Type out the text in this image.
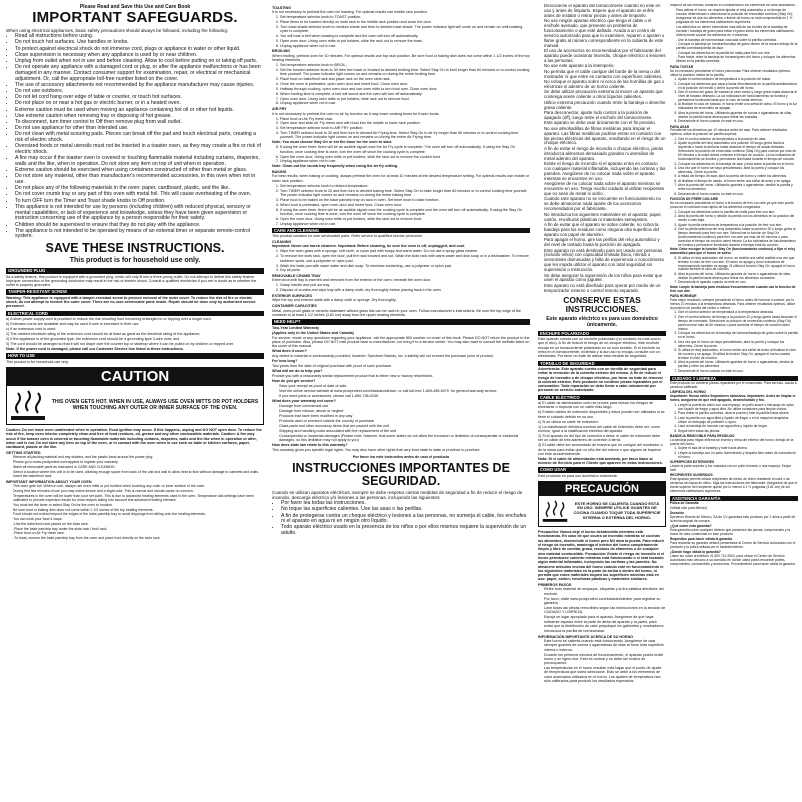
Please Read and Save this Use and Care Book
IMPORTANT SAFEGUARDS.

When using electrical appliances, basic safety precautions should always be followed, including the following:

• Read all instructions before using.
• Do not touch hot surfaces. Use handles or knobs.
• To protect against electrical shock do not immerse cord, plugs or appliance in water or other liquid.
• Close supervision is necessary when any appliance is used by or near children.
• Unplug from outlet when not in use and before cleaning. Allow to cool before putting on or taking off parts.
• Do not operate any appliance with a damaged cord or plug, or after the appliance malfunctions or has been damaged in any manner. Contact consumer support for examination, repair, or electrical or mechanical adjustment. Or, call the appropriate toll-free number listed on the cover.
• The use of accessory attachments not recommended by the appliance manufacturer may cause injuries.
• Do not use outdoors.
• Do not let cord hang over edge of table or counter, or touch hot surfaces.
• Do not place on or near a hot gas or electric burner, or in a heated oven.
• Extreme caution must be used when moving an appliance containing hot oil or other hot liquids.
• Use extreme caution when removing tray or disposing of hot grease.
• To disconnect, turn timer control to Off then remove plug from wall outlet.
• Do not use appliance for other than intended use.
• Do not clean with metal scouring pads. Pieces can break off the pad and touch electrical parts, creating a risk of electric shock.
• Oversized foods or metal utensils must not be inserted in a toaster oven, as they may create a fire or risk of electric shock.
• A fire may occur if the toaster oven is covered or touching flammable material including curtains, draperies, walls and the like, when in operation. Do not store any item on top of unit when in operation.
• Extreme caution should be exercised when using containers constructed of other than metal or glass.
• Do not store any material, other than manufacturer's recommended accessories, in this oven when not in use.
• Do not place any of the following materials in the oven: paper, cardboard, plastic, and the like.
• Do not cover crumb tray or any part of this oven with metal foil. This will cause overheating of the oven.
• To turn OFF turn the Timer and Toast shade knobs to Off position.
• This appliance is not intended for use by persons (including children) with reduced physical, sensory or mental capabilities, or lack of experience and knowledge, unless they have been given supervision or instruction concerning use of the appliance by a person responsible for their safety.
• Children should be supervised to ensure that they do not play with the appliance.
• The appliance is not intended to be operated by means of an external timer or separate remote-control system.
SAVE THESE INSTRUCTIONS.
This product is for household use only.
GROUNDED PLUG

As a safety feature, this product is equipped with a grounded plug, which will only fit into a three-prong outlet. Do not attempt to defeat this safety feature. Improper connection of the grounding conductor may result in the risk of electric shock. Consult a qualified electrician if you are in doubt as to whether the outlet is properly grounded.

TAMPER-RESISTANT SCREW

Warning: This appliance is equipped with a tamper-resistant screw to prevent removal of the outer cover. To reduce the risk of fire or electric shock, do not attempt to remove the outer cover. There are no user-serviceable parts inside. Repair should be done only by authorized service personnel.

ELECTRICAL CORD

a) A short power-supply cord is provided to reduce the risk resulting from becoming entangled in or tripping over a longer cord.

b) Extension cords are available and may be used if care is exercised in their use.

c) If an extension cord is used:

1) The marked electrical rating of the extension cord should be at least as great as the electrical rating of the appliance;

2) If the appliance is of the grounded type, the extension cord should be a grounding-type 3-wire cord; and

3) The cord should be arranged so that it will not drape over the counter top or tabletop where it can be pulled on by children or tripped over.

Note: If the power cord is damaged, please call our Customer Service line listed in these instructions.

HOW TO USE

This product is for household use only.

CAUTION
THIS OVEN GETS HOT. WHEN IN USE, ALWAYS USE OVEN MITTS OR POT HOLDERS WHEN TOUCHING ANY OUTER OR INNER SURFACE OF THE OVEN.

Caution: Do not leave oven unattended when in operation. Food ignition may occur. If this happens, unplug and DO NOT open door. To reduce the risk of fire, keep oven interior completely clean and free of food residues, oil, grease and any other combustible materials. Caution: A fire may occur if the toaster oven is covered or touching flammable materials including curtains, draperies, walls and the like when in operation or after, when unit is hot. Do not store any item on top of the oven, or in contact with the oven when in use such as table or kitchen surfaces, paper, cardboard, plastic or the like.

GETTING STARTED
• Remove all packing material and any stickers, and the plastic band around the power plug.
• Please go to www.prodprotect.com/applica to register your warranty.
• Wash all removable parts as instructed in CARE AND CLEANING.
• Select a location where this unit is to be used, allowing enough space from back of the unit and wall to allow heat to flow without damage to cabinets and walls.
• Insert the bake/broil rack.
IMPORTANT INFORMATION ABOUT YOUR OVEN
• This oven gets hot. When in use, always use oven mitts or pot holders when touching any outer or inner surface of the oven.
• During first few minutes of use you may notice smoke and a slight odor. This is normal and should cause no concern.
• Temperatures in the oven will be lower than your set point. This is due to advanced heating elements used in the oven. Temperature dial settings have been calibrated to provide expected results for most recipes taking into account this advanced heating element.
• You must set the timer or select Stay On for the oven to function.
• Be sure food or baking dish does not come within 1 1/2 inches of the top heating elements.
• Food should not extend beyond the edges of the bake pan/drip tray to avoid drippings from falling onto the heating elements.
• You can cook your food 4 ways:
• -Use the bake/broil rack placed on the slots rack.
• -Place the bake pan/drip tray under the slots rack / broil rack.
• -Place food on Air Fry mesh rack.
• -To toast, remove the bake pan/drip tray from the oven and place food directly on the slots rack.
TOASTING

It is not necessary to preheat the oven for toasting. For optimal results use middle rack position.

1. Set temperature selector knob to TOAST position.
2. Place items to be toasted directly on slots rack in the middle rack position and close the door.
3. Turn toast shade selector knob to medium shade and then to desired toast shade. The power indicator light will come on and remain on until toasting cycle is complete.
4. You will hear a bell when toasting is complete and the oven will turn off automatically.
5. Open oven door. Using oven mitts or pot holders, slide the rack out to remove the toast.
6. Unplug appliance when not in use.
BROILING

When broiling, preheat oven for 10 minutes. For optimal results use top rack position. Be sure food or baking dish does not come within 1 1/2 inches of the top heating elements.

1. Set temperature selector knob to BROIL.
2. Set the function selector knob to 30 then turn back or forward to desired broiling time. Select Stay On to broil longer than 60 minutes or to control cooking time yourself. The power indicator light comes on and remains on during the entire broiling time.
3. Place food on bake/broil rack and place rack on the oven slots rack.
4. Once the oven is preheated, open oven door and insert food. Close oven door.
5. Halfway through cooking, open oven door and use oven mitts to turn food over. Close oven door.
6. When broiling time is complete, a bell will sound and the oven will turn off automatically.
7. Open oven door. Using oven mitts or pot holders, slide rack out to remove food.
8. Unplug appliance when not in use.
AIR FRY

It is not necessary to preheat the oven to air fry function as it may lower cooking times for frozen foods.

1. Place food on Air Fry mesh rack.
2. Open door and slide Air Fry mesh rack with food into the middle or lower rack position.
3. Set temperature selector knob to AIR FRY position.
4. Turn TIMER selector knob to 30 and then turn to desired Air Frying time. Select Stay On to air fry longer than 60 minutes or to control cooking time yourself. The power indicator light comes on and remains on during the entire Air Frying time.

Note: You must choose Stay On or set the timer for the oven to start.

5. If using the oven timer, there will be an audible signal once the Air Fry cycle is complete. The oven will turn off automatically. If using the Stay On function, once cooking time is done, turn the oven off since the cooking cycle is complete.
6. Open the oven door. Using oven mitts or pot holders, slide the rack out to remove the cooked food.
7. Unplug appliance when not in use.

Note: Clean out the crumb tray frequently when using the air fry setting.

BAKING

For best results, when baking or cooking, always preheat the oven for at least 10 minutes at the desired temperature setting. For optimal results use middle or lower rack position.

1. Set temperature selector knob to desired temperature.
2. Turn TIMER selector knob to 20 and then turn to desired baking time. Select Stay On to bake longer than 60 minutes or to control cooking time yourself. The power indicator light comes on and remains on during the entire baking time.
3. Place food to be baked on the bake pan/drip tray on rack in oven. Set timer knob to bake function.
4. When food is preheated, open oven door and insert food. Close oven door.
5. If using the oven timer, there will be an audible signal once the cooking cycle is complete and the oven will turn off automatically. If using the Stay On function, once cooking time is done, turn the oven off since the cooking cycle is complete.
6. Open the oven door. Using oven mitts or pot holders, slide the rack out to remove food.
7. Unplug appliance when not in use.
CARE AND CLEANING

This product contains no user serviceable parts. Refer service to qualified service personnel.

CLEANING

Important: Never use harsh cleaners. Important: Before cleaning, be sure the oven is off, unplugged, and cool.

1. Wipe the oven glass with a sponge, soft cloth, or nylon pad with soapy and warm water. Do not use a spray glass cleaner.
2. To remove the slots rack, open the door, pull the rack forward and out. Wash the slots rack with warm water and dish soap or in a dishwasher. To remove stubborn spots, use a polyester or nylon pad.
3. Wash the bake pan with warm water and dish soap. To minimize scratching, use a polyester or nylon pad.
4. Dry all parts.
REMOVABLE CRUMB TRAY

External crumb tray is inserted and removed from the exterior of the oven, beneath the oven door.

1. Grasp handle and pull out tray.
2. Dispose of crumbs and wipe tray with a damp cloth; dry thoroughly before placing back in the oven.
EXTERIOR SURFACES

Wipe the top and exterior walls with a damp cloth or sponge. Dry thoroughly.

CONTAINER CAPACITIES

Metal, oven-proof glass or ceramic bakeware without glass lids can be used in your oven. Follow manufacturer's instructions. Be sure the top edge of the container is at least 1 1/2 inches (3.81 cm) away from the upper heating elements.

NEED HELP?

Two-Year Limited Warranty

(Applies only in the United States and Canada)

For service, repair or any questions regarding your appliance, call the appropriate 800 number on cover of this book. Please DO NOT return the product to the place of purchase. Also, please DO NOT mail product back to manufacturer, nor bring it to a service center. You may also want to consult the website listed on the cover of this manual.

What does it cover?

Any defect in material or workmanship provided; however, Spectrum Brands, Inc.'s liability will not exceed the purchase price of product.

For how long?

Two years from the date of original purchase with proof of such purchase.

What will we do to help you?

Provide you with a reasonably similar replacement product that is either new or factory refurbished.

How do you get service?

• Save your receipt as proof of date of sale.
• Visit the online service website at www.prodprotect.com/blackanddecker, or call toll-free 1-800-465-6070, for general warranty service.
• If you need parts or accessories, please call 1-800-738-0245.

What does your warranty not cover?

• Damage from commercial use
• Damage from misuse, abuse or neglect
• Products that have been modified in any way
• Products used or serviced outside the country of purchase
• Glass parts and other accessory items that are packed with the unit
• Shipping and handling costs associated with the replacement of the unit
• Consequential or incidental damages (Please note, however, that some states do not allow the exclusion or limitation of consequential or incidental damages, so this limitation may not apply to you)

How does state law relate to this warranty?

This warranty gives you specific legal rights. You may also have other rights that vary from state to state or province to province.

Por favor lea este instructivo antes de usar el producto

INSTRUCCIONES IMPORTANTES DE SEGURIDAD.

Cuando se utilizan aparatos eléctricos, siempre se debe respetar ciertas medidas de seguridad a fin de reducir el riesgo de incendio, descarga eléctrica y/o lesiones a las personas, incluyendo las siguientes:

• Por favor lea todas las instrucciones.
• No toque las superficies calientes. Use las asas o las perillas.
• A fin de protegerse contra un choque eléctrico y lesiones a las personas, no sumerja el cable, los enchufes ni el aparato en agua ni en ningún otro líquido.
• Todo aparato eléctrico usado en la presencia de los niños o por ellos mismos requiere la supervisión de un adulto.
• Desconecte el aparato del tomacorriente cuando no esté en uso y antes de limpiarlo. Espere que el aparato se enfríe antes de instalar o retirar piezas y antes de limpiarlo.
• No use ningún aparato eléctrico que tenga el cable o el enchufe averiado, que presente un problema de funcionamiento o que esté dañado. Acuda a un centro de servicio autorizado para que lo examinen, reparen o ajusten o llame gratis al número correspondiente en la cubierta de este manual.
• El uso de accesorios no recomendados por el fabricante del aparato puede ocasionar incendio, choque eléctrico o lesiones a las personas.
• No use este aparato a la intemperie.
• No permita que el cable cuelgue del borde de la mesa o del mostrador ni que entre en contacto con superficies calientes.
• No coloque el aparato sobre ni cerca de las hornillas de gas o eléctricas ni adentro de un horno caliente.
• Se debe utilizar precaución extrema al mover un aparato que contenga aceite caliente u otros líquidos calientes.
• Utilice extrema precaución cuando retire la bandeja o deseche grasa caliente.
• Para desconectar, ajuste todo control a la posición de apagado (off), luego retire el enchufe del tomacorriente.
• Este aparato se debe usar únicamente con el fin previsto.
• No use almohadillas de fibras metálicas para limpiar el aparato. Las fibras metálicas podrían entrar en contacto con las piezas eléctricas del aparato, resultando en el riesgo de un choque eléctrico.
• A fin de evitar el riesgo de incendio o choque eléctrico, jamás introduzca alimentos demasiado grandes ni utensilios de metal adentro del aparato.
• Existe el riesgo de incendio si el aparato entra en contacto con cualquier material inflamable, incluyendo las cortinas y las paredes. Asegúrese de no colocar nada sobre el aparato mientras se encuentre en uso.
• Asegúrese de no colocar nada sobre el aparato mientras se encuentre en uso. Tenga mucho cuidado al utilizar recipientes que no sean de metal ni vidrio.
• Cuando este aparato no se encuentre en funcionamiento no se debe almacenar nada aparte de los accesorios recomendados por el fabricante.
• No introduzca los siguientes materiales en el aparato: papel, cartón, envolturas plásticas ni materiales semejantes.
• A fin de evitar que el aparato se sobre caliente, no cubra la bandeja para los residuos como ninguna otra superficie del aparato con papel de aluminio.
• Para apagar el horno, gire las perillas del reloj automático y del nivel de tostado hasta la posición de apagado.
• Este aparato no está destinado para ser usado por personas (incluido niños) con capacidad limitada física, mental o sensoriales disminuidas y falta de experiencia o conocimiento que les impida utilizar el aparato con total seguridad sin supervisión o instrucción.
• Se debe asegurar la supervisión de los niños para evitar que usen el aparato como juguete.
• Este aparato no está diseñado para operar por medio de un temporizador externo o control remoto separado.
CONSERVE ESTAS INSTRUCCIONES.
Este aparato eléctrico es para uso doméstico únicamente.
ENCHUFE POLARIZADO

Este aparato cuenta con un enchufe polarizado (un contacto es más ancho que el otro). A fin de reducir el riesgo de un choque eléctrico, este enchufe encaja en un tomacorriente polarizado en un solo sentido. Si el enchufe no entra en el tomacorriente, inviértalo y si aun así no encaja, consulte con un electricista. Por favor no trate de alterar esta medida de seguridad.

TORNILLO DE SEGURIDAD

Advertencia: Este aparato cuenta con un tornillo de seguridad para evitar la remoción de la cubierta exterior del mismo. A fin de reducir el riesgo de incendio o de choque eléctrico, por favor no trate de remover la cubierta exterior. Este producto no contiene piezas reparables por el consumidor. Toda reparación se debe llevar a cabo únicamente por personal de servicio autorizado.

CABLE ELÉCTRICO

a) El cable de alimentación corto se provee para reducir los riesgos de enredarse o tropezar con un cable más largo.

b) Existen cables de extensión disponibles y éstos pueden ser utilizados si se tiene el cuidado debido en su uso.

c) Si se utiliza un cable de extensión:

1) La clasificación eléctrica nominal del cable de extensión debe ser, como mínimo, igual a la clasificación eléctrica del aparato.

2) Si el aparato es del tipo de conexión a tierra, el cable de extensión debe ser un cable de tres alambres de conexión a tierra.

3) El cable debe ser acomodado de manera que no cuelgue del mostrador o de la mesa para evitar que un niño tire del mismo o que alguien se tropiece con éste accidentalmente.

Nota: Si el cable de alimentación está averiado, por favor llame al número de Servicio para el Cliente que aparece en estas instrucciones.

COMO USAR

Este producto es para uso doméstico solamente.

PRECAUCIÓN
ESTE HORNO SE CALIENTA CUANDO ESTÁ EN USO. SIEMPRE UTILICE GUANTES DE COCINA CUANDO TOQUE TODA SUPERFICIE INTERNA O EXTERNA DEL HORNO.

Precaución: Nunca deje el horno desatendido mientras está funcionando. En caso de que ocurra un incendio mientras se cocinan los alimentos, desenchufe el horno pero NO abra la puerta. Para reducir el riesgo de incendio, mantenga el interior del horno completamente limpio y libre de comida, grasa, residuos de alimentos u de cualquier otro material combustible. Precaución: Existe el riesgo de incendio si el horno permanece cubierto mientras está funcionando o si está tocando algún material inflamable, incluyendo las cortinas y las paredes. No almacene artículos encima del horno cuando esté en funcionamiento ni los siguientes materiales en la parte de arriba o dentro del horno, ni permita que estos materiales toquen las superficies mientras está en uso: papel, cartón, envolturas plásticas y materiales similares.

PRIMEROS PASOS
• Retire todo material de empaque, etiquetas y la tira plástica alrededor del enchufe.
• Por favor, visite www.prodprotect.com/blackanddecker para registrar su garantía.
• Lave todas las piezas removibles según las instrucciones en la sección de CUIDADO Y LIMPIEZA.
• Escoja un lugar apropiado para el aparato. Asegúrese de que haya suficiente espacio entre la parte de atrás del aparato y la pared, para evitar que la distribución de calor perjudique los gabinetes y mostradores.
• Introduzca la parrilla de hornear/asar.
INFORMACIÓN IMPORTANTE ACERCA DE SU HORNO
• Este horno se calienta cuando está funcionando. Asegúrese de usar siempre guantes de cocina o agarraderas de ollas al tocar toda superficie interna o externa.
• Durante los primeros minutos de funcionamiento, el aparato podría emitir humo y un ligero olor. Esto es normal y no debe ser motivo de preocupación.
• Las temperaturas en el horno resultan más bajas que el punto de ajuste de temperatura que usted seleccione. Esto se debe a los elementos de calor avanzados utilizados en el horno. Los ajustes de temperatura han sido calibrados para producir los resultados esperados.

mayoría de las recetas, tomando en consideración los elementos de calor avanzados.

• Para activar el horno, se requiere ajustar el reloj automático a un tiempo de cocción determinado o seleccionar la posición de encendido continuo (Stay On).
• Asegúrese de que los alimentos o fuente de horno no está comprendida en 1 ½ pulgadas de los elementos calefactores superiores.
• Los alimentos no deben extenderse más allá de los bordes de la bandeja de hornear / bandeja de goteo para evitar el goteo sobre los elementos calefactores.
• Usted puede cocinar los alimentos en 4 maneras:
• - Use la bandeja de hornear/asar colocada sobre la parrilla corrediza.
• - Coloque la bandeja de hornear/bandeja de goteo dentro de la ranura debajo de la parrilla corrediza/parrilla de asar.
• - Coloque los alimentos en la parrilla de malla para freír con aire.
• - Para tostar, retire la bandeja de hornear/goteo del horno y coloque los alimentos directo en la parrilla corrediza.
PARA TOSTAR

No es necesario precalentar el horno para tostar. Para obtener resultados óptimos, utilice la posición media de la parrilla.

1. Ajuste el control selector de temperatura a la posición de tostar.
2. Coloque los alimentos que vaya a tostar directamente en la parrilla ambientadora, en la posición del medio y cierre la puerta del horno.
3. Gire el control del grado de tostado al nivel medio y luego gírelo hasta alcanzar el nivel de tostado deseado. La luz indicadora de funcionamiento se ilumina y permanece iluminada hasta que el ciclo de tostar termina.
4. Al finalizar el ciclo de tostado, el horno emite una señal de aviso. El horno y la luz indicadora de encendido se apagan.
5. Abra la puerta del horno. Utilizando guantes de cocina o agarraderas de ollas, deslice la parrilla hacia afuera para retirar las tostadas.
6. Desenchufe el horno cuando no esté en uso.
PARA ASAR

Precaliente los alimentos por 10 minutos antes de asar. Para obtener resultados óptimos, utilice la posición de parrilla superior.

1. Gire el control selector de temperatura a la posición de asar.
2. Ajuste la perilla del reloj automático a la posición 30 luego gírela hacia la izquierda o hacia la derecha hasta alcanzar el tiempo de asado deseado. Seleccione la posición de encendido continuo (Stay On) para cocinar por más de 60 minutos o al usted desea controlar el tiempo de cocción. La luz indicadora de funcionamiento se ilumina y permanece iluminada durante el tiempo de cocción.
3. Coloque los alimentos en la bandeja de asar y ésta sobre la parrilla en el horno.
4. Una vez que el horno se haya precalentado, abra la puerta y coloque los alimentos. Cierre la puerta.
5. A mitad del tiempo de asar, abra la puerta del horno y voltee los alimentos.
6. Al finalizar el tiempo de asado, el horno emite una señal de aviso y se apaga.
7. Abra la puerta del horno. Utilizando guantes o agarraderas, deslice la parrilla y retire los alimentos.
8. Desenchufe el horno cuando no esté en uso.
FUNCIÓN DE FREÍR CON AIRE

No es necesario precalentar el horno a la función de freír con aire ya que esto puede provocar el cocinado más rápido de los alimentos congelados.

1. Coloque los alimentos sobre la parrilla de malla para freír con aire.
2. Abra la puerta del horno y deslice la parrilla con los alimentos en la posición del medio o más baja.
3. Ajuste la perilla selectora de temperatura a la posición de freír con aire.
4. Gire la perilla selectora del reloj automático hasta la posición 30 y luego gírela al tiempo deseado para freír con aire. Seleccione la función de Stay On (funcionamiento continuo) para freír con aire por más de 60 minutos o para controlar el tiempo de cocción usted mismo. La luz indicadora de funcionamiento se ilumina y permanece iluminada durante el tiempo total de cocción.

Nota: Debe escoger la función Stay On (funcionamiento continuo) o fijar el reloj automático para que el horno se active.

5. Si utiliza el reloj automático del horno, se emitirá una señal audible una vez que termine el ciclo de freír con aire. El horno se apaga y la luz indicadora de funcionamiento también se apaga. Si utiliza la función Stay On, apague el horno cuando termine el ciclo de cocción.
6. Abra la puerta del horno. Utilizando guantes de horno o agarraderas de ollas, deslice la parrilla hacia afuera para retirar los alimentos cocinados.
7. Desenchufe el aparato cuando no esté en uso.

Nota: Limpie la bandeja para residuos frecuentemente cuando use la función de freír con aire.

PARA HORNEAR

Para mejor resultado, siempre precaliente el horno antes de hornear o cocinar, por lo menos 10 minutos a la temperatura deseada. Para obtener resultados óptimos, utilice la posición de parrilla del centro o inferior.

1. Gire el control selector de temperatura a la temperatura deseada.
2. Gire el control selector de tiempo a la posición 20 y luego gírela hasta alcanzar el tiempo de horneado. Seleccione la posición de encendido continuo (Stay On) para hornear más de 60 minutos o para controlar el tiempo de cocción usted mismo.
3. Coloque los alimentos en la bandeja de hornear/bandeja de goteo sobre la parrilla en el horno.
4. Una vez que el horno se haya precalentado, abra la puerta y coloque los alimentos. Cierre la puerta.
5. Si utiliza el reloj automático, el horno emite una señal de aviso al finalizar el ciclo de cocción y se apaga. Si utiliza la función Stay On, apague el horno cuando termine el ciclo de cocción.
6. Abra la puerta del horno. Utilizando guantes de horno o agarraderas, deslice la parrilla y retire los alimentos.
7. Desenchufe el horno cuando no esté en uso.
CUIDADO Y LIMPIEZA

Este producto no contiene piezas reparables por el consumidor. Para servicio, acuda a personal calificado.

LIMPIEZA DEL HORNO

Importante: Nunca utilice limpiadores abrasivos. Importante: Antes de limpiar el horno, asegúrese de que esté apagado, desenchufado y frío.

1. Limpie la puerta de vidrio con una esponja, un paño suave o estropajo de nylon con líquido de fregar y agua tibia. No utilice rociadores para limpiar vidrios.
2. Para retirar la parrilla corrediza, abra la puerta y hale la parrilla hacia afuera.
3. Lave la parrilla con agua tibia y líquido de fregar o en la máquina lavaplatos. Utilice un estropajo de poliéster o nylon.
4. Lave la bandeja de hornear con agua tibia y líquido de fregar.
5. Seque bien todas las piezas.
BANDEJA REMOVIBLE PARA RESIDUOS

La bandeja para migas externa se inserta y retira del exterior del horno, debajo de la puerta del horno.

1. Sujete el asa de la bandeja y hale hacia afuera.
2. Limpie la bandeja con un paño humedecido y séquela bien antes de colocarla en el horno.
SUPERFICIES EXTERIORES

Limpie la parte superior y los costados con un paño húmedo o una esponja. Seque bien.

RECIPIENTES SUGERIDOS

Este aparato permite utilizar recipientes de metal, de vidrio resistente al calor o de cerámica sin tapas de vidrio. Siga las instrucciones del fabricante. Asegúrese de que el borde superior del recipiente quede por lo menos a 1 ½ pulgadas (3,81 cm) de los elementos calefactores superiores.

ASISTENCIA GARANTÍA

Póliza de Garantía

(Válida sólo para México)

Duración

Spectrum Brands de México, SA de CV garantiza este producto por 2 años a partir de la fecha original de compra.

¿Qué cubre esta garantía?

Esta garantía cubre cualquier defecto que presenten las piezas, componentes y la mano de obra contenidas en este producto.

Requisitos para hacer válida la garantía

Para reclamar su garantía deberá presentarse al Centro de Servicio Autorizado con el producto y la póliza sellada por el establecimiento.

¿Dónde hago válida la garantía?

Llame sin costo al teléfono 01 800 714 2503, para ubicar el Centro de Servicio Autorizado más cercano a su domicilio en donde usted podrá encontrar partes, componentes, consumibles y accesorios. Procedimiento para hacer válida la garantía
